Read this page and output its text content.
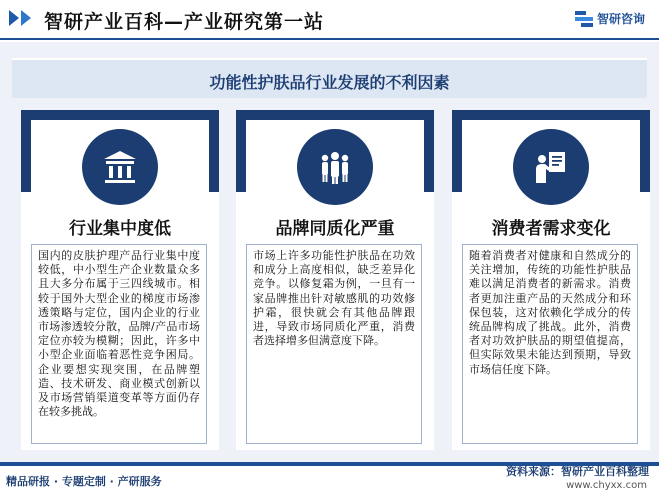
智研产业百科—产业研究第一站	智研咨询
功能性护肤品行业发展的不利因素
行业集中度低
国内的皮肤护理产品行业集中度较低，中小型生产企业数量众多且大多分布属于三四线城市。相较于国外大型企业的梯度市场渗透策略与定位，国内企业的行业市场渗透较分散，品牌/产品市场定位亦较为模糊；因此，许多中小型企业面临着恶性竞争困局。企业要想实现突围，在品牌塑造、技术研发、商业模式创新以及市场营销渠道变革等方面仍存在较多挑战。
品牌同质化严重
市场上许多功能性护肤品在功效和成分上高度相似，缺乏差异化竞争。以修复霜为例，一旦有一家品牌推出针对敏感肌的功效修护霜，很快就会有其他品牌跟进，导致市场同质化严重，消费者选择增多但满意度下降。
消费者需求变化
随着消费者对健康和自然成分的关注增加，传统的功能性护肤品难以满足消费者的新需求。消费者更加注重产品的天然成分和环保包装，这对依赖化学成分的传统品牌构成了挑战。此外，消费者对功效护肤品的期望值提高，但实际效果未能达到预期，导致市场信任度下降。
精品研报 · 专题定制 · 产研服务
资料来源：智研产业百科整理
www.chyxx.com
